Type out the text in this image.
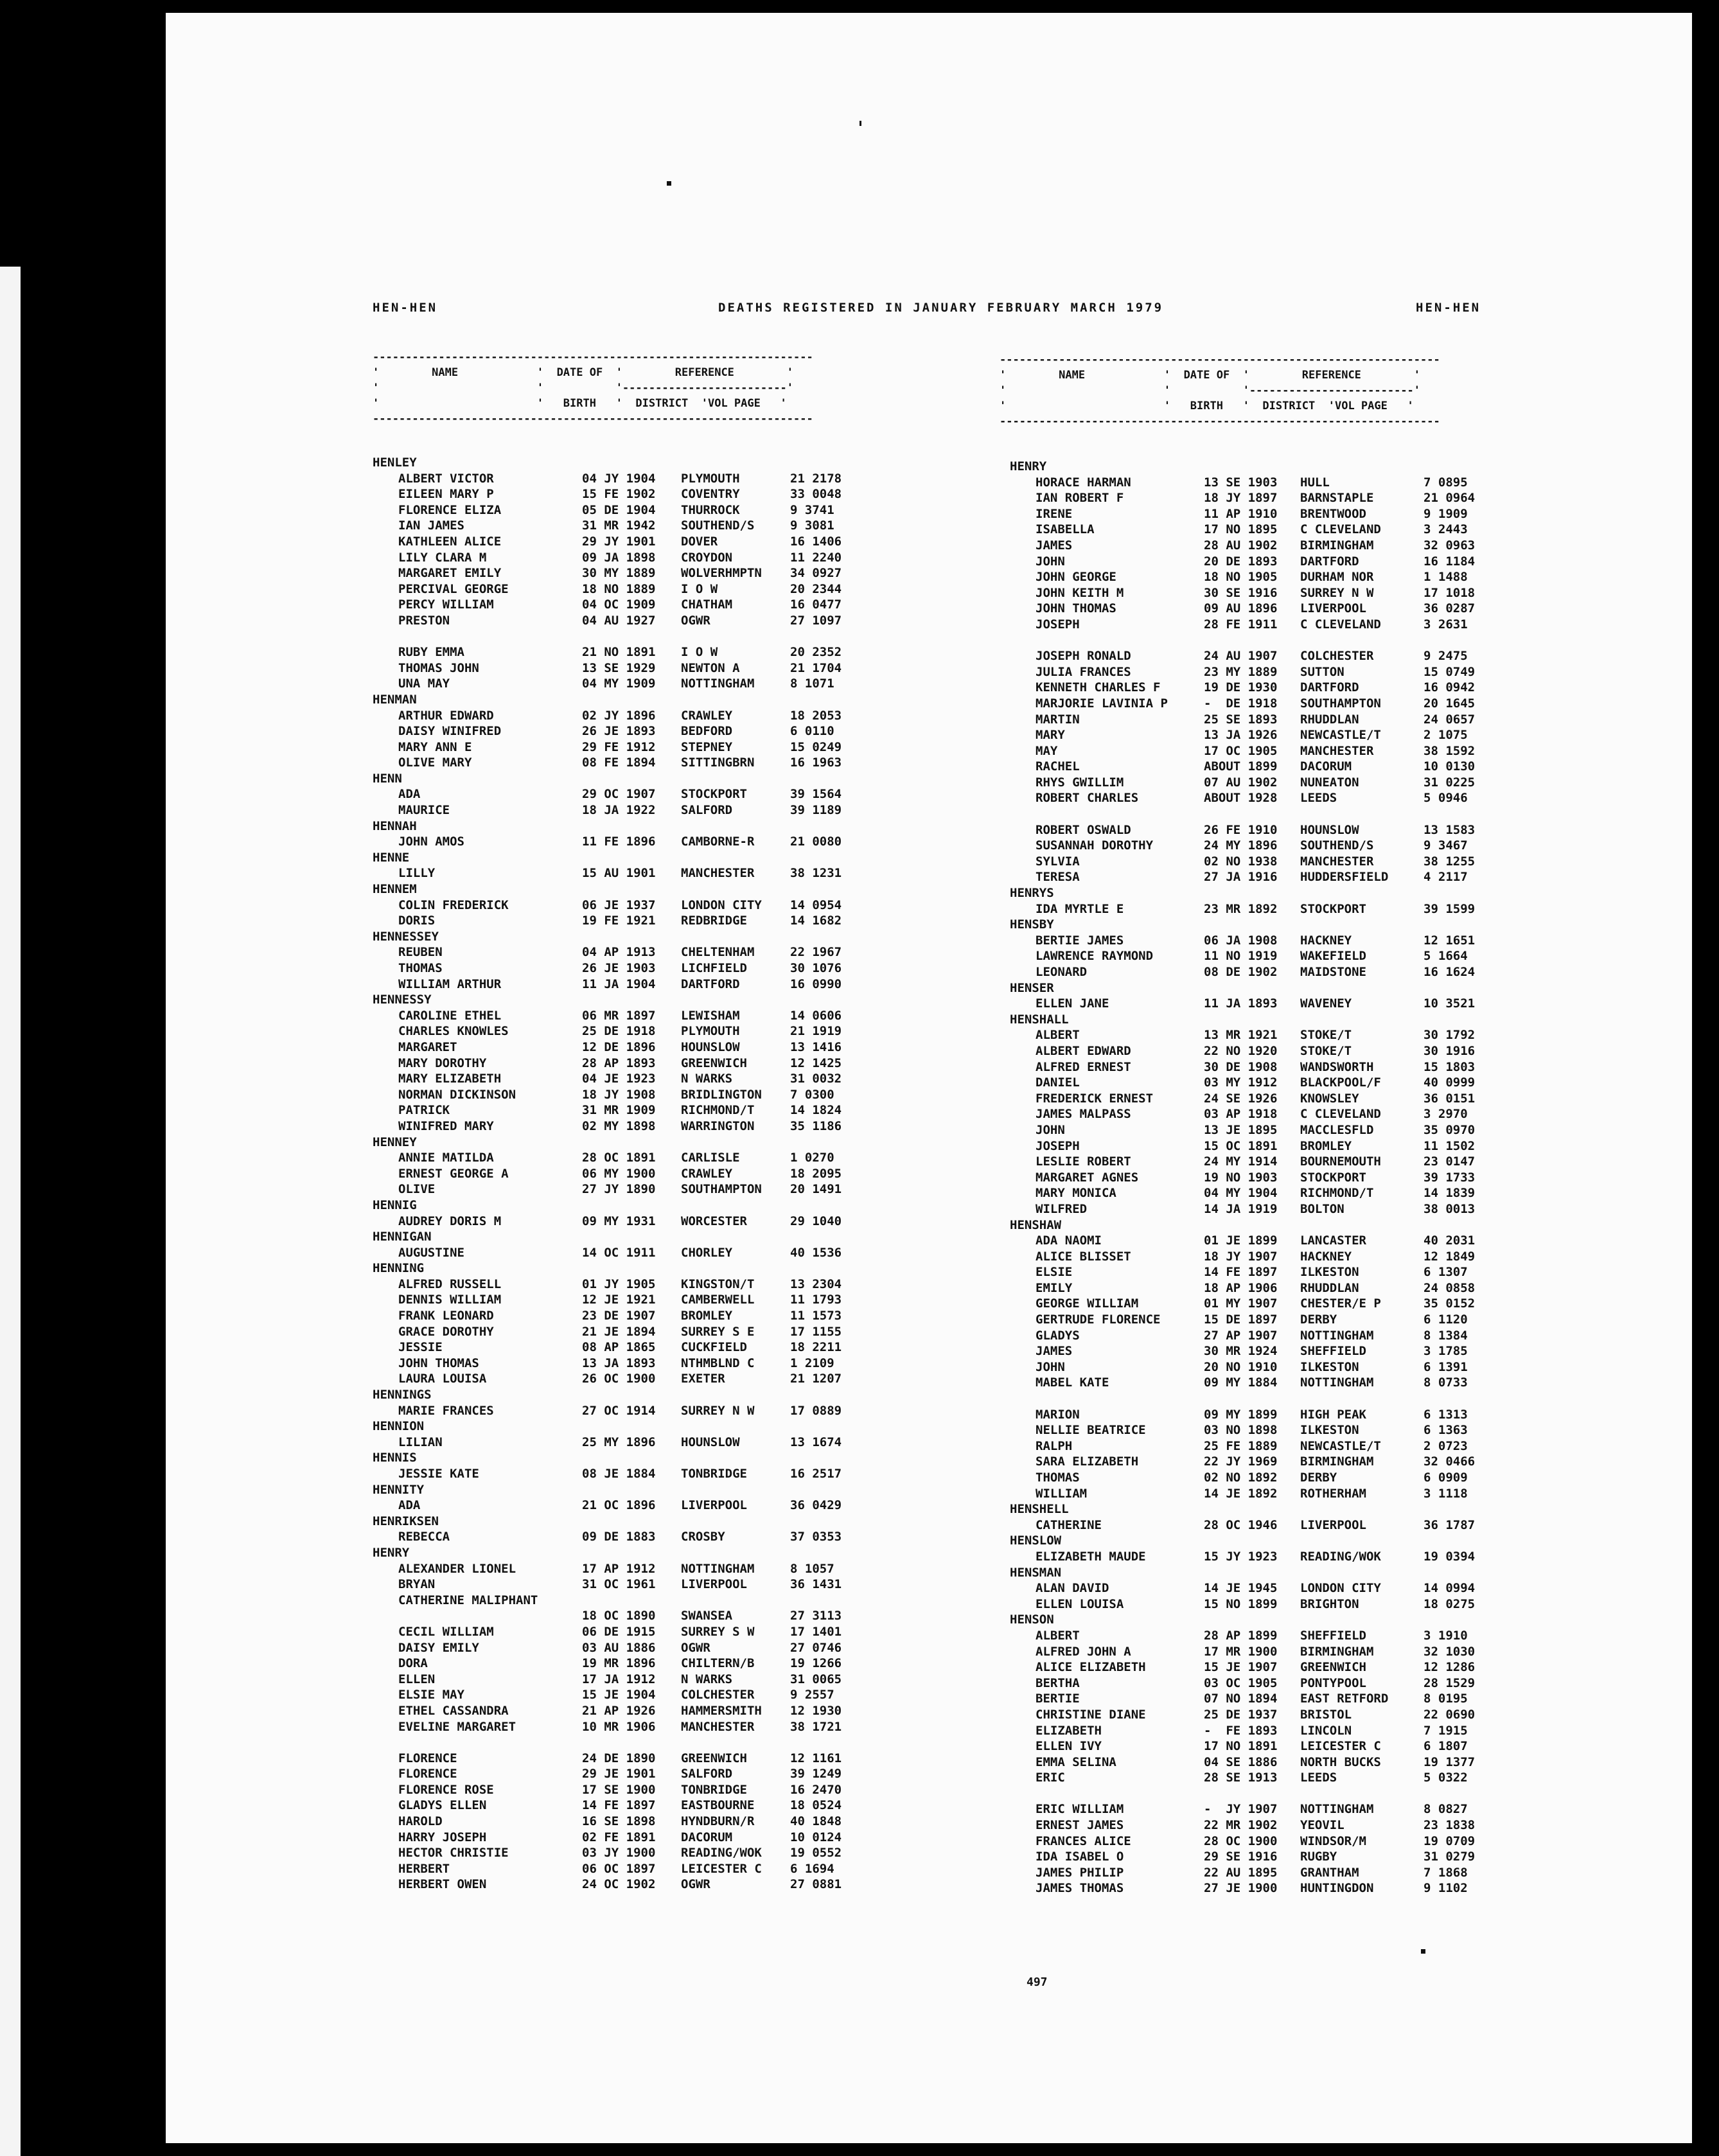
HEN-HEN	DEATHS REGISTERED IN JANUARY FEBRUARY MARCH 1979	HEN-HEN
-------------------------------------------------------------------
'        NAME            '  DATE OF  '        REFERENCE        '
'                        '           '-------------------------'
'                        '   BIRTH   '  DISTRICT  'VOL PAGE   '
-------------------------------------------------------------------
-------------------------------------------------------------------
'        NAME            '  DATE OF  '        REFERENCE        '
'                        '           '-------------------------'
'                        '   BIRTH   '  DISTRICT  'VOL PAGE   '
-------------------------------------------------------------------
HENLEY
ALBERT VICTOR	04 JY 1904 PLYMOUTH	21 2178
EILEEN MARY P	15 FE 1902 COVENTRY	33 0048
FLORENCE ELIZA	05 DE 1904 THURROCK	9 3741
IAN JAMES	31 MR 1942 SOUTHEND/S	9 3081
KATHLEEN ALICE	29 JY 1901 DOVER	16 1406
LILY CLARA M	09 JA 1898 CROYDON	11 2240
MARGARET EMILY	30 MY 1889 WOLVERHMPTN 34 0927
PERCIVAL GEORGE	18 NO 1889 I O W	20 2344
PERCY WILLIAM	04 OC 1909 CHATHAM	16 0477
PRESTON	04 AU 1927 OGWR	27 1097
RUBY EMMA	21 NO 1891 I O W	20 2352
THOMAS JOHN	13 SE 1929 NEWTON A	21 1704
UNA MAY	04 MY 1909 NOTTINGHAM	8 1071
HENMAN
ARTHUR EDWARD	02 JY 1896 CRAWLEY	18 2053
DAISY WINIFRED	26 JE 1893 BEDFORD	6 0110
MARY ANN E	29 FE 1912 STEPNEY	15 0249
OLIVE MARY	08 FE 1894 SITTINGBRN	16 1963
HENN
ADA	29 OC 1907 STOCKPORT	39 1564
MAURICE	18 JA 1922 SALFORD	39 1189
HENNAH
JOHN AMOS	11 FE 1896 CAMBORNE-R	21 0080
HENNE
LILLY	15 AU 1901 MANCHESTER	38 1231
HENNEM
COLIN FREDERICK	06 JE 1937 LONDON CITY 14 0954
DORIS	19 FE 1921 REDBRIDGE	14 1682
HENNESSEY
REUBEN	04 AP 1913 CHELTENHAM	22 1967
THOMAS	26 JE 1903 LICHFIELD	30 1076
WILLIAM ARTHUR	11 JA 1904 DARTFORD	16 0990
HENNESSY
CAROLINE ETHEL	06 MR 1897 LEWISHAM	14 0606
CHARLES KNOWLES	25 DE 1918 PLYMOUTH	21 1919
MARGARET	12 DE 1896 HOUNSLOW	13 1416
MARY DOROTHY	28 AP 1893 GREENWICH	12 1425
MARY ELIZABETH	04 JE 1923 N WARKS	31 0032
NORMAN DICKINSON	18 JY 1908 BRIDLINGTON 7 0300
PATRICK	31 MR 1909 RICHMOND/T	14 1824
WINIFRED MARY	02 MY 1898 WARRINGTON	35 1186
HENNEY
ANNIE MATILDA	28 OC 1891 CARLISLE	1 0270
ERNEST GEORGE A	06 MY 1900 CRAWLEY	18 2095
OLIVE	27 JY 1890 SOUTHAMPTON 20 1491
HENNIG
AUDREY DORIS M	09 MY 1931 WORCESTER	29 1040
HENNIGAN
AUGUSTINE	14 OC 1911 CHORLEY	40 1536
HENNING
ALFRED RUSSELL	01 JY 1905 KINGSTON/T	13 2304
DENNIS WILLIAM	12 JE 1921 CAMBERWELL	11 1793
FRANK LEONARD	23 DE 1907 BROMLEY	11 1573
GRACE DOROTHY	21 JE 1894 SURREY S E	17 1155
JESSIE	08 AP 1865 CUCKFIELD	18 2211
JOHN THOMAS	13 JA 1893 NTHMBLND C	1 2109
LAURA LOUISA	26 OC 1900 EXETER	21 1207
HENNINGS
MARIE FRANCES	27 OC 1914 SURREY N W	17 0889
HENNION
LILIAN	25 MY 1896 HOUNSLOW	13 1674
HENNIS
JESSIE KATE	08 JE 1884 TONBRIDGE	16 2517
HENNITY
ADA	21 OC 1896 LIVERPOOL	36 0429
HENRIKSEN
REBECCA	09 DE 1883 CROSBY	37 0353
HENRY
ALEXANDER LIONEL	17 AP 1912 NOTTINGHAM	8 1057
BRYAN	31 OC 1961 LIVERPOOL	36 1431
CATHERINE MALIPHANT
18 OC 1890 SWANSEA	27 3113
CECIL WILLIAM	06 DE 1915 SURREY S W	17 1401
DAISY EMILY	03 AU 1886 OGWR	27 0746
DORA	19 MR 1896 CHILTERN/B	19 1266
ELLEN	17 JA 1912 N WARKS	31 0065
ELSIE MAY	15 JE 1904 COLCHESTER	9 2557
ETHEL CASSANDRA	21 AP 1926 HAMMERSMITH 12 1930
EVELINE MARGARET	10 MR 1906 MANCHESTER	38 1721
FLORENCE	24 DE 1890 GREENWICH	12 1161
FLORENCE	29 JE 1901 SALFORD	39 1249
FLORENCE ROSE	17 SE 1900 TONBRIDGE	16 2470
GLADYS ELLEN	14 FE 1897 EASTBOURNE	18 0524
HAROLD	16 SE 1898 HYNDBURN/R	40 1848
HARRY JOSEPH	02 FE 1891 DACORUM	10 0124
HECTOR CHRISTIE	03 JY 1900 READING/WOK 19 0552
HERBERT	06 OC 1897 LEICESTER C 6 1694
HERBERT OWEN	24 OC 1902 OGWR	27 0881
HENRY
HORACE HARMAN	13 SE 1903 HULL	7 0895
IAN ROBERT F	18 JY 1897 BARNSTAPLE	21 0964
IRENE	11 AP 1910 BRENTWOOD	9 1909
ISABELLA	17 NO 1895 C CLEVELAND	3 2443
JAMES	28 AU 1902 BIRMINGHAM	32 0963
JOHN	20 DE 1893 DARTFORD	16 1184
JOHN GEORGE	18 NO 1905 DURHAM NOR	1 1488
JOHN KEITH M	30 SE 1916 SURREY N W	17 1018
JOHN THOMAS	09 AU 1896 LIVERPOOL	36 0287
JOSEPH	28 FE 1911 C CLEVELAND	3 2631
JOSEPH RONALD	24 AU 1907 COLCHESTER	9 2475
JULIA FRANCES	23 MY 1889 SUTTON	15 0749
KENNETH CHARLES F	19 DE 1930 DARTFORD	16 0942
MARJORIE LAVINIA P	-  DE 1918 SOUTHAMPTON	20 1645
MARTIN	25 SE 1893 RHUDDLAN	24 0657
MARY	13 JA 1926 NEWCASTLE/T	2 1075
MAY	17 OC 1905 MANCHESTER	38 1592
RACHEL	ABOUT 1899 DACORUM	10 0130
RHYS GWILLIM	07 AU 1902 NUNEATON	31 0225
ROBERT CHARLES	ABOUT 1928 LEEDS	5 0946
ROBERT OSWALD	26 FE 1910 HOUNSLOW	13 1583
SUSANNAH DOROTHY	24 MY 1896 SOUTHEND/S	9 3467
SYLVIA	02 NO 1938 MANCHESTER	38 1255
TERESA	27 JA 1916 HUDDERSFIELD	4 2117
HENRYS
IDA MYRTLE E	23 MR 1892 STOCKPORT	39 1599
HENSBY
BERTIE JAMES	06 JA 1908 HACKNEY	12 1651
LAWRENCE RAYMOND	11 NO 1919 WAKEFIELD	5 1664
LEONARD	08 DE 1902 MAIDSTONE	16 1624
HENSER
ELLEN JANE	11 JA 1893 WAVENEY	10 3521
HENSHALL
ALBERT	13 MR 1921 STOKE/T	30 1792
ALBERT EDWARD	22 NO 1920 STOKE/T	30 1916
ALFRED ERNEST	30 DE 1908 WANDSWORTH	15 1803
DANIEL	03 MY 1912 BLACKPOOL/F	40 0999
FREDERICK ERNEST	24 SE 1926 KNOWSLEY	36 0151
JAMES MALPASS	03 AP 1918 C CLEVELAND	3 2970
JOHN	13 JE 1895 MACCLESFLD	35 0970
JOSEPH	15 OC 1891 BROMLEY	11 1502
LESLIE ROBERT	24 MY 1914 BOURNEMOUTH	23 0147
MARGARET AGNES	19 NO 1903 STOCKPORT	39 1733
MARY MONICA	04 MY 1904 RICHMOND/T	14 1839
WILFRED	14 JA 1919 BOLTON	38 0013
HENSHAW
ADA NAOMI	01 JE 1899 LANCASTER	40 2031
ALICE BLISSET	18 JY 1907 HACKNEY	12 1849
ELSIE	14 FE 1897 ILKESTON	6 1307
EMILY	18 AP 1906 RHUDDLAN	24 0858
GEORGE WILLIAM	01 MY 1907 CHESTER/E P	35 0152
GERTRUDE FLORENCE	15 DE 1897 DERBY	6 1120
GLADYS	27 AP 1907 NOTTINGHAM	8 1384
JAMES	30 MR 1924 SHEFFIELD	3 1785
JOHN	20 NO 1910 ILKESTON	6 1391
MABEL KATE	09 MY 1884 NOTTINGHAM	8 0733
MARION	09 MY 1899 HIGH PEAK	6 1313
NELLIE BEATRICE	03 NO 1898 ILKESTON	6 1363
RALPH	25 FE 1889 NEWCASTLE/T	2 0723
SARA ELIZABETH	22 JY 1969 BIRMINGHAM	32 0466
THOMAS	02 NO 1892 DERBY	6 0909
WILLIAM	14 JE 1892 ROTHERHAM	3 1118
HENSHELL
CATHERINE	28 OC 1946 LIVERPOOL	36 1787
HENSLOW
ELIZABETH MAUDE	15 JY 1923 READING/WOK	19 0394
HENSMAN
ALAN DAVID	14 JE 1945 LONDON CITY	14 0994
ELLEN LOUISA	15 NO 1899 BRIGHTON	18 0275
HENSON
ALBERT	28 AP 1899 SHEFFIELD	3 1910
ALFRED JOHN A	17 MR 1900 BIRMINGHAM	32 1030
ALICE ELIZABETH	15 JE 1907 GREENWICH	12 1286
BERTHA	03 OC 1905 PONTYPOOL	28 1529
BERTIE	07 NO 1894 EAST RETFORD	8 0195
CHRISTINE DIANE	25 DE 1937 BRISTOL	22 0690
ELIZABETH	-  FE 1893 LINCOLN	7 1915
ELLEN IVY	17 NO 1891 LEICESTER C	6 1807
EMMA SELINA	04 SE 1886 NORTH BUCKS	19 1377
ERIC	28 SE 1913 LEEDS	5 0322
ERIC WILLIAM	-  JY 1907 NOTTINGHAM	8 0827
ERNEST JAMES	22 MR 1902 YEOVIL	23 1838
FRANCES ALICE	28 OC 1900 WINDSOR/M	19 0709
IDA ISABEL O	29 SE 1916 RUGBY	31 0279
JAMES PHILIP	22 AU 1895 GRANTHAM	7 1868
JAMES THOMAS	27 JE 1900 HUNTINGDON	9 1102
497
